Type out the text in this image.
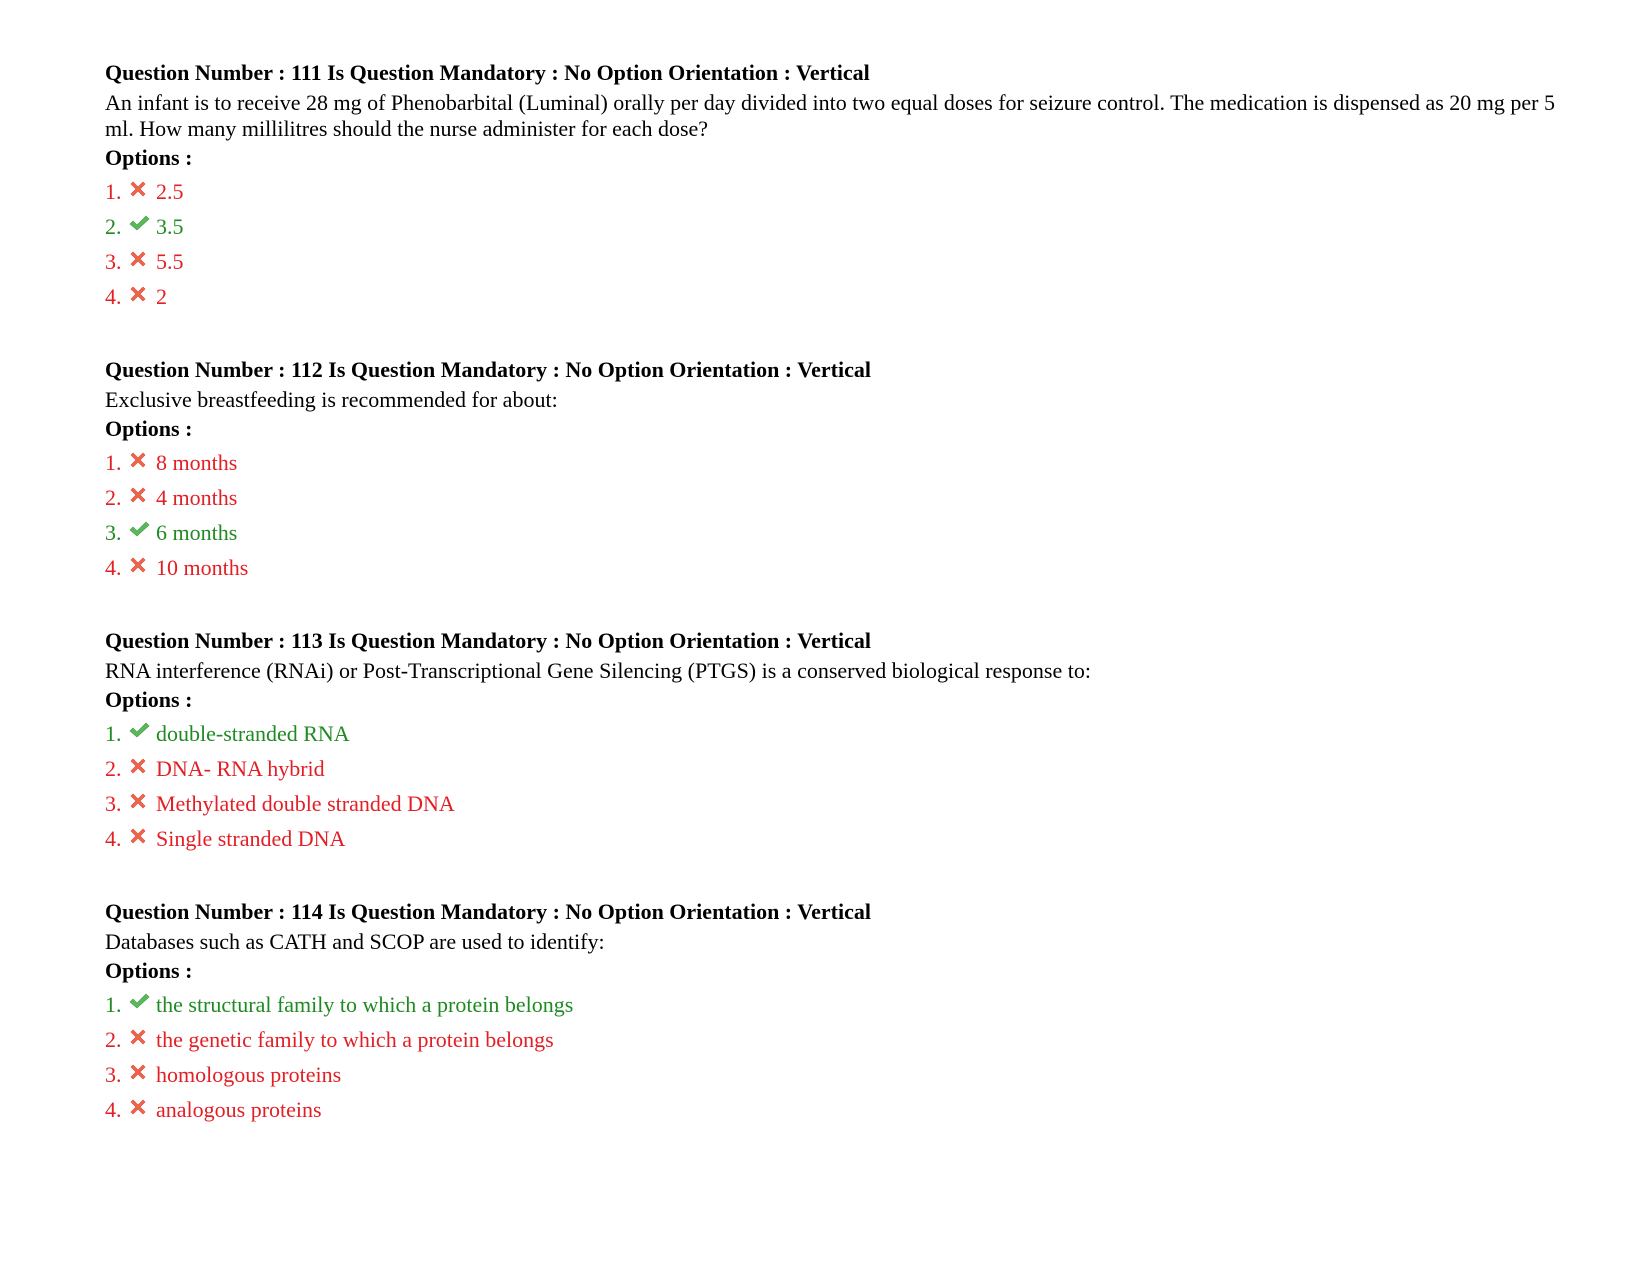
Question Number : 111 Is Question Mandatory : No Option Orientation : Vertical
An infant is to receive 28 mg of Phenobarbital (Luminal) orally per day divided into two equal doses for seizure control. The medication is dispensed as 20 mg per 5 ml. How many millilitres should the nurse administer for each dose?
Options :
1. 2.5
2. 3.5
3. 5.5
4. 2
Question Number : 112 Is Question Mandatory : No Option Orientation : Vertical
Exclusive breastfeeding is recommended for about:
Options :
1. 8 months
2. 4 months
3. 6 months
4. 10 months
Question Number : 113 Is Question Mandatory : No Option Orientation : Vertical
RNA interference (RNAi) or Post-Transcriptional Gene Silencing (PTGS) is a conserved biological response to:
Options :
1. double-stranded RNA
2. DNA- RNA hybrid
3. Methylated double stranded DNA
4. Single stranded DNA
Question Number : 114 Is Question Mandatory : No Option Orientation : Vertical
Databases such as CATH and SCOP are used to identify:
Options :
1. the structural family to which a protein belongs
2. the genetic family to which a protein belongs
3. homologous proteins
4. analogous proteins
